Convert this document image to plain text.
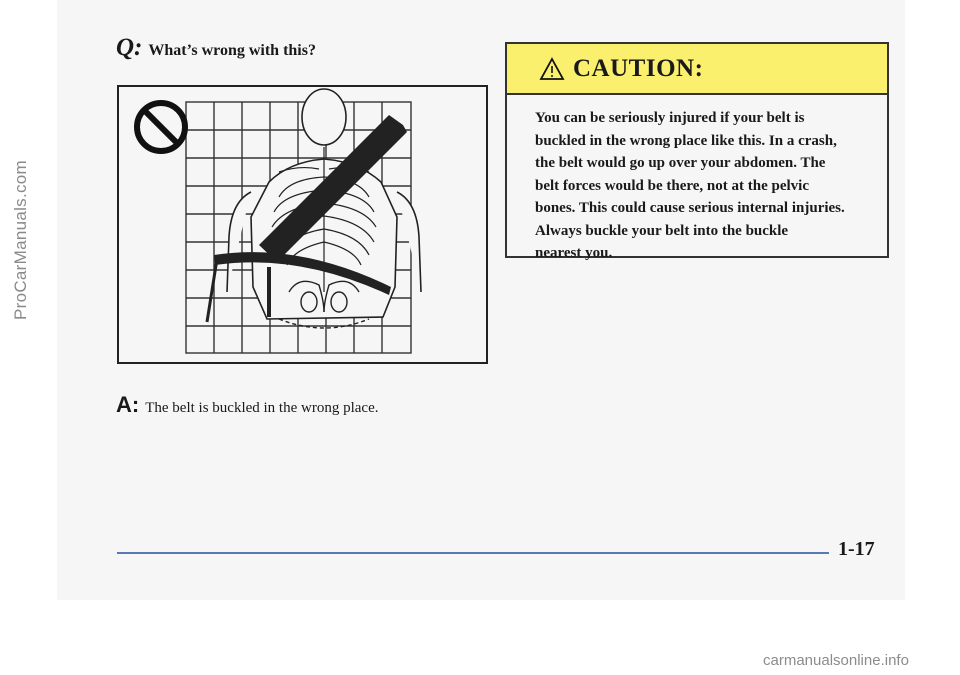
ProCarManuals.com
Q: What’s wrong with this?
A: The belt is buckled in the wrong place.
CAUTION:
You can be seriously injured if your belt is
buckled in the wrong place like this. In a crash,
the belt would go up over your abdomen. The
belt forces would be there, not at the pelvic
bones. This could cause serious internal injuries.
Always buckle your belt into the buckle
nearest you.
1-17
carmanualsonline.info
